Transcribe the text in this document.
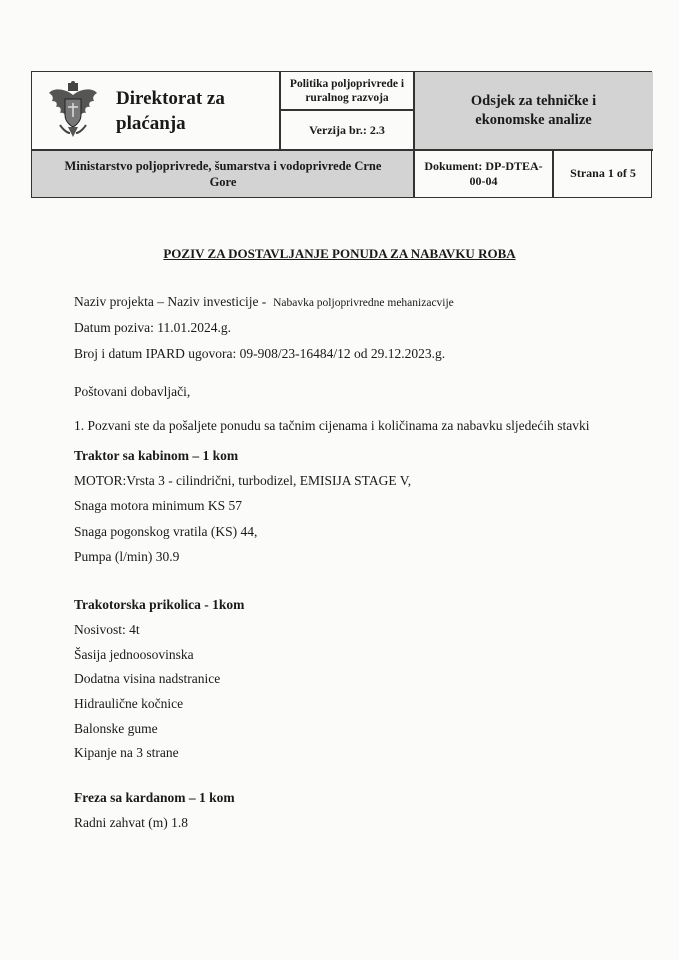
Direktorat za
plaćanja
Politika poljoprivrede i
ruralnog razvoja
Verzija br.: 2.3
Odsjek za tehničke i
ekonomske analize
Ministarstvo poljoprivrede, šumarstva i vodoprivrede Crne
Gore
Dokument: DP-DTEA-
00-04
Strana 1 of 5
POZIV ZA DOSTAVLJANJE PONUDA ZA NABAVKU ROBA
Naziv projekta – Naziv investicije - Nabavka poljoprivredne mehanizacvije
Datum poziva: 11.01.2024.g.
Broj i datum IPARD ugovora: 09-908/23-16484/12 od 29.12.2023.g.
Poštovani dobavljači,
1. Pozvani ste da pošaljete ponudu sa tačnim cijenama i količinama za nabavku sljedećih stavki
Traktor sa kabinom – 1 kom
MOTOR:Vrsta 3 - cilindrični, turbodizel, EMISIJA STAGE V,
Snaga motora minimum KS 57
Snaga pogonskog vratila (KS) 44,
Pumpa (l/min) 30.9
Trakotorska prikolica - 1kom
Nosivost: 4t
Šasija jednoosovinska
Dodatna visina nadstranice
Hidraulične kočnice
Balonske gume
Kipanje na 3 strane
Freza sa kardanom – 1 kom
Radni zahvat (m) 1.8
